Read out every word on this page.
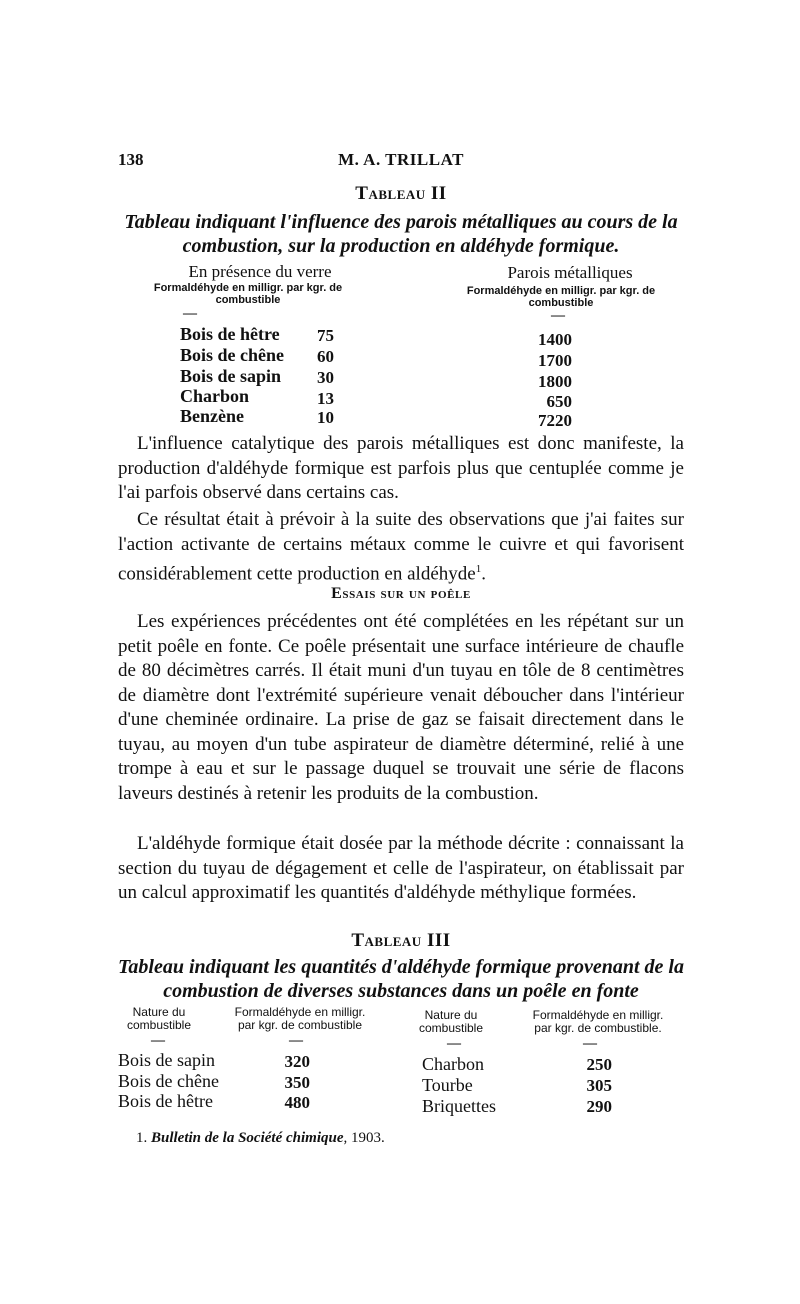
138	M. A. TRILLAT
Tableau II
Tableau indiquant l'influence des parois métalliques au cours de la combustion, sur la production en aldéhyde formique.
En présence du verre
Formaldéhyde en milligr. par kgr. de combustible
—
Parois métalliques
Formaldéhyde en milligr. par kgr. de combustible
—
Bois de hêtre	75	1400
Bois de chêne	60	1700
Bois de sapin	30	1800
Charbon	13	650
Benzène	10	7220
L'influence catalytique des parois métalliques est donc manifeste, la production d'aldéhyde formique est parfois plus que centuplée comme je l'ai parfois observé dans certains cas.
Ce résultat était à prévoir à la suite des observations que j'ai faites sur l'action activante de certains métaux comme le cuivre et qui favorisent considérablement cette production en aldéhyde$^1$.
Essais sur un poêle
Les expériences précédentes ont été complétées en les répétant sur un petit poêle en fonte. Ce poêle présentait une surface intérieure de chaufle de 80 décimètres carrés. Il était muni d'un tuyau en tôle de 8 centimètres de diamètre dont l'extrémité supérieure venait déboucher dans l'intérieur d'une cheminée ordinaire. La prise de gaz se faisait directement dans le tuyau, au moyen d'un tube aspirateur de diamètre déterminé, relié à une trompe à eau et sur le passage duquel se trouvait une série de flacons laveurs destinés à retenir les produits de la combustion.
L'aldéhyde formique était dosée par la méthode décrite : connaissant la section du tuyau de dégagement et celle de l'aspirateur, on établissait par un calcul approximatif les quantités d'aldéhyde méthylique formées.
Tableau III
Tableau indiquant les quantités d'aldéhyde formique provenant de la combustion de diverses substances dans un poêle en fonte
Nature du
combustible
Formaldéhyde en milligr.
par kgr. de combustible
Nature du
combustible
Formaldéhyde en milligr.
par kgr. de combustible.
—	—	—	—
Bois de sapin	320
Bois de chêne	350
Bois de hêtre	480
Charbon	250
Tourbe	305
Briquettes	290
1. Bulletin de la Société chimique, 1903.
